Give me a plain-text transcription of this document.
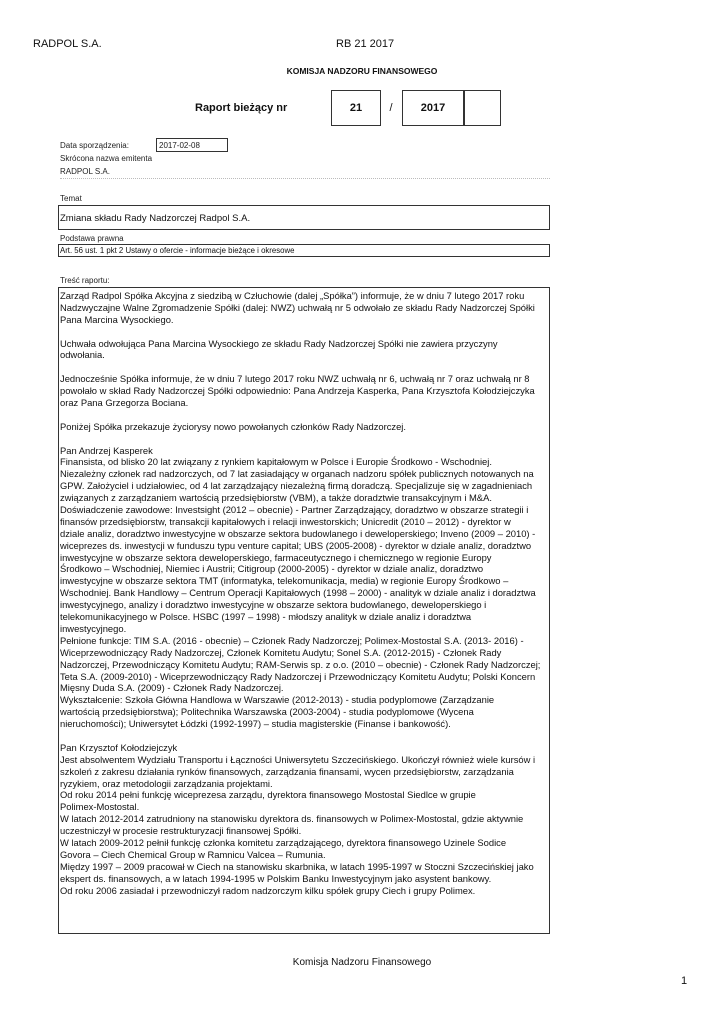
RADPOL S.A.	RB 21 2017
KOMISJA NADZORU FINANSOWEGO
Raport bieżący nr	21	/	2017
Data sporządzenia:	2017-02-08
Skrócona nazwa emitenta
RADPOL S.A.
Temat
Zmiana składu Rady Nadzorczej Radpol S.A.
Podstawa prawna
Art. 56 ust. 1 pkt 2 Ustawy o ofercie - informacje bieżące i okresowe
Treść raportu:
Zarząd Radpol Spółka Akcyjna z siedzibą w Człuchowie (dalej „Spółka”) informuje, że w dniu 7 lutego 2017 roku
Nadzwyczajne Walne Zgromadzenie Spółki (dalej: NWZ) uchwałą nr 5 odwołało ze składu Rady Nadzorczej Spółki
Pana Marcina Wysockiego.
Uchwała odwołująca Pana Marcina Wysockiego ze składu Rady Nadzorczej Spółki nie zawiera przyczyny
odwołania.
Jednocześnie Spółka informuje, że w dniu 7 lutego 2017 roku NWZ uchwałą nr 6, uchwałą nr 7 oraz uchwałą nr 8
powołało w skład Rady Nadzorczej Spółki odpowiednio: Pana Andrzeja Kasperka, Pana Krzysztofa Kołodziejczyka
oraz Pana Grzegorza Bociana.
Poniżej Spółka przekazuje życiorysy nowo powołanych członków Rady Nadzorczej.
Pan Andrzej Kasperek
Finansista, od blisko 20 lat związany z rynkiem kapitałowym w Polsce i Europie Środkowo - Wschodniej.
Niezależny członek rad nadzorczych, od 7 lat zasiadający w organach nadzoru spółek publicznych notowanych na
GPW. Założyciel i udziałowiec, od 4 lat zarządzający niezależną firmą doradczą. Specjalizuje się w zagadnieniach
związanych z zarządzaniem wartością przedsiębiorstw (VBM), a także doradztwie transakcyjnym i M&A.
Doświadczenie zawodowe: Investsight (2012 – obecnie) - Partner Zarządzający, doradztwo w obszarze strategii i
finansów przedsiębiorstw, transakcji kapitałowych i relacji inwestorskich; Unicredit (2010 – 2012) - dyrektor w
dziale analiz, doradztwo inwestycyjne w obszarze sektora budowlanego i deweloperskiego; Inveno (2009 – 2010) -
wiceprezes ds. inwestycji w funduszu typu venture capital; UBS (2005-2008) - dyrektor w dziale analiz, doradztwo
inwestycyjne w obszarze sektora deweloperskiego, farmaceutycznego i chemicznego w regionie Europy
Środkowo – Wschodniej, Niemiec i Austrii; Citigroup (2000-2005) - dyrektor w dziale analiz, doradztwo
inwestycyjne w obszarze sektora TMT (informatyka, telekomunikacja, media) w regionie Europy Środkowo –
Wschodniej. Bank Handlowy – Centrum Operacji Kapitałowych (1998 – 2000) - analityk w dziale analiz i doradztwa
inwestycyjnego, analizy i doradztwo inwestycyjne w obszarze sektora budowlanego, deweloperskiego i
telekomunikacyjnego w Polsce. HSBC (1997 – 1998) - młodszy analityk w dziale analiz i doradztwa
inwestycyjnego.
Pełnione funkcje: TIM S.A. (2016 - obecnie) – Członek Rady Nadzorczej; Polimex-Mostostal S.A. (2013- 2016) -
Wiceprzewodniczący Rady Nadzorczej, Członek Komitetu Audytu; Sonel S.A. (2012-2015) - Członek Rady
Nadzorczej, Przewodniczący Komitetu Audytu; RAM-Serwis sp. z o.o. (2010 – obecnie) - Członek Rady Nadzorczej;
Teta S.A. (2009-2010) - Wiceprzewodniczący Rady Nadzorczej i Przewodniczący Komitetu Audytu; Polski Koncern
Mięsny Duda S.A. (2009) - Członek Rady Nadzorczej.
Wykształcenie: Szkoła Główna Handlowa w Warszawie (2012-2013) - studia podyplomowe (Zarządzanie
wartością przedsiębiorstwa); Politechnika Warszawska (2003-2004) - studia podyplomowe (Wycena
nieruchomości); Uniwersytet Łódzki (1992-1997) – studia magisterskie (Finanse i bankowość).
Pan Krzysztof Kołodziejczyk
Jest absolwentem Wydziału Transportu i Łączności Uniwersytetu Szczecińskiego. Ukończył również wiele kursów i
szkoleń z zakresu działania rynków finansowych, zarządzania finansami, wycen przedsiębiorstw, zarządzania
ryzykiem, oraz metodologii zarządzania projektami.
Od roku 2014 pełni funkcję wiceprezesa zarządu, dyrektora finansowego Mostostal Siedlce w grupie
Polimex-Mostostal.
W latach 2012-2014 zatrudniony na stanowisku dyrektora ds. finansowych w Polimex-Mostostal, gdzie aktywnie
uczestniczył w procesie restrukturyzacji finansowej Spółki.
W latach 2009-2012 pełnił funkcję członka komitetu zarządzającego, dyrektora finansowego Uzinele Sodice
Govora – Ciech Chemical Group w Ramnicu Valcea – Rumunia.
Między 1997 – 2009 pracował w Ciech na stanowisku skarbnika, w latach 1995-1997 w Stoczni Szczecińskiej jako
ekspert ds. finansowych, a w latach 1994-1995 w Polskim Banku Inwestycyjnym jako asystent bankowy.
Od roku 2006 zasiadał i przewodniczył radom nadzorczym kilku spółek grupy Ciech i grupy Polimex.
Komisja Nadzoru Finansowego
1
